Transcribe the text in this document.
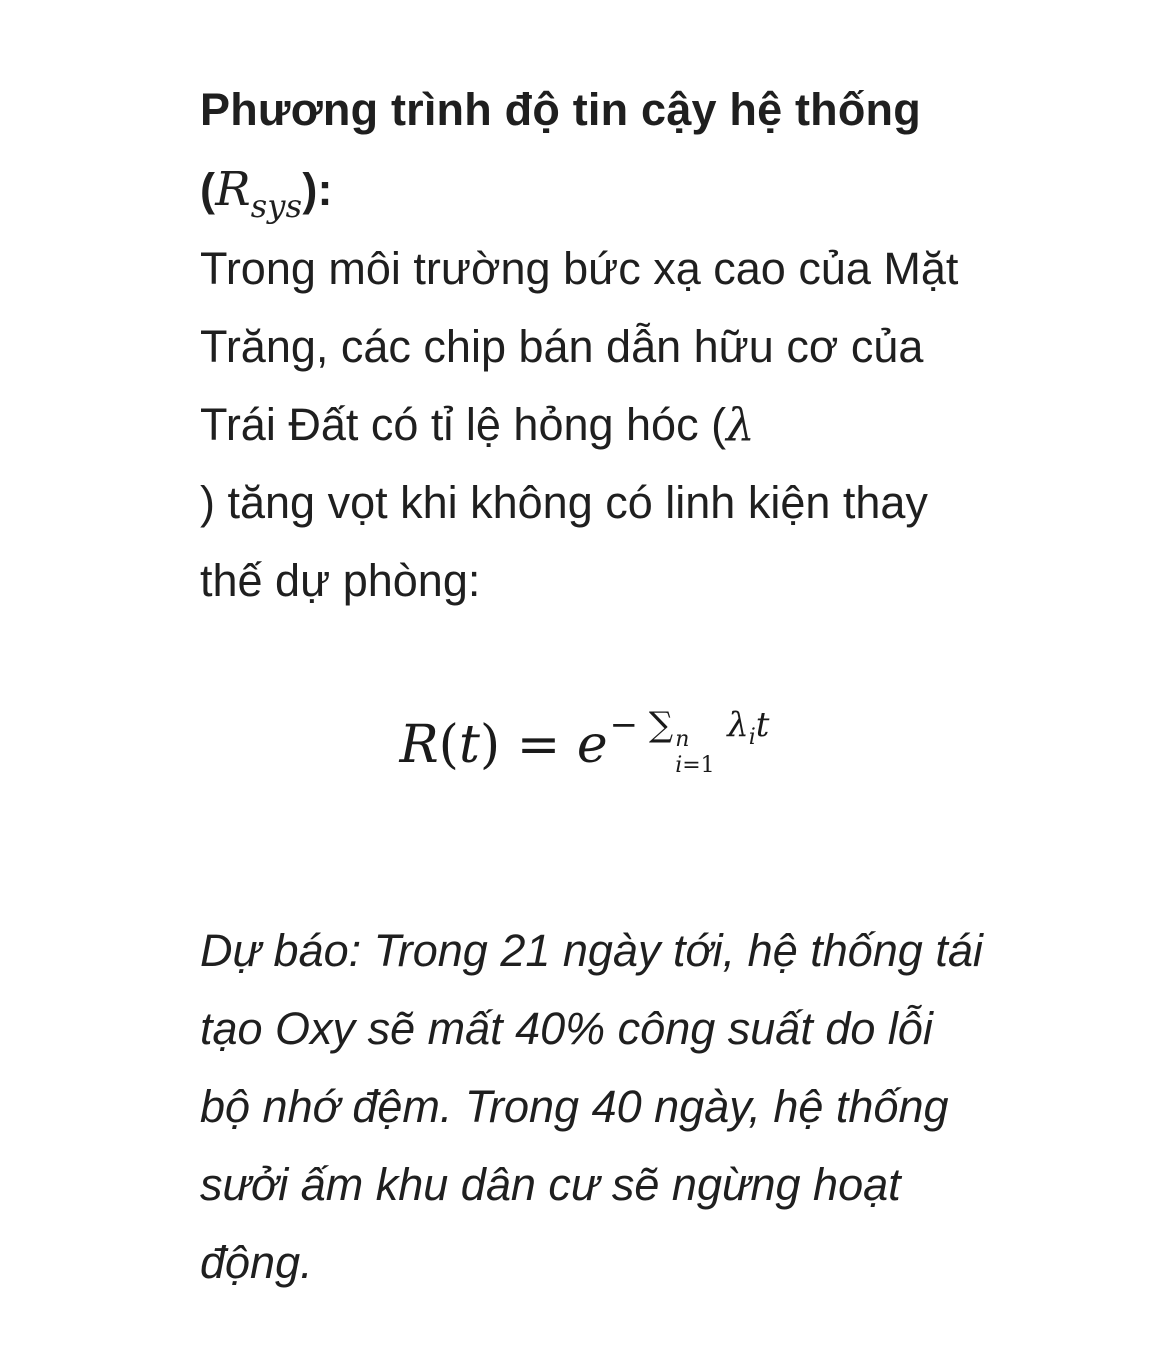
Phương trình độ tin cậy hệ thống
$(R_{sys})$:

Trong môi trường bức xạ cao của Mặt Trăng, các chip bán dẫn hữu cơ của Trái Đất có tỉ lệ hỏng hóc (λ
) tăng vọt khi không có linh kiện thay thế dự phòng:

R(t) = e− ∑ n
i=1
$\lambda_it$

Dự báo: Trong 21 ngày tới, hệ thống tái tạo Oxy sẽ mất 40% công suất do lỗi bộ nhớ đệm. Trong 40 ngày, hệ thống sưởi ấm khu dân cư sẽ ngừng hoạt động.
